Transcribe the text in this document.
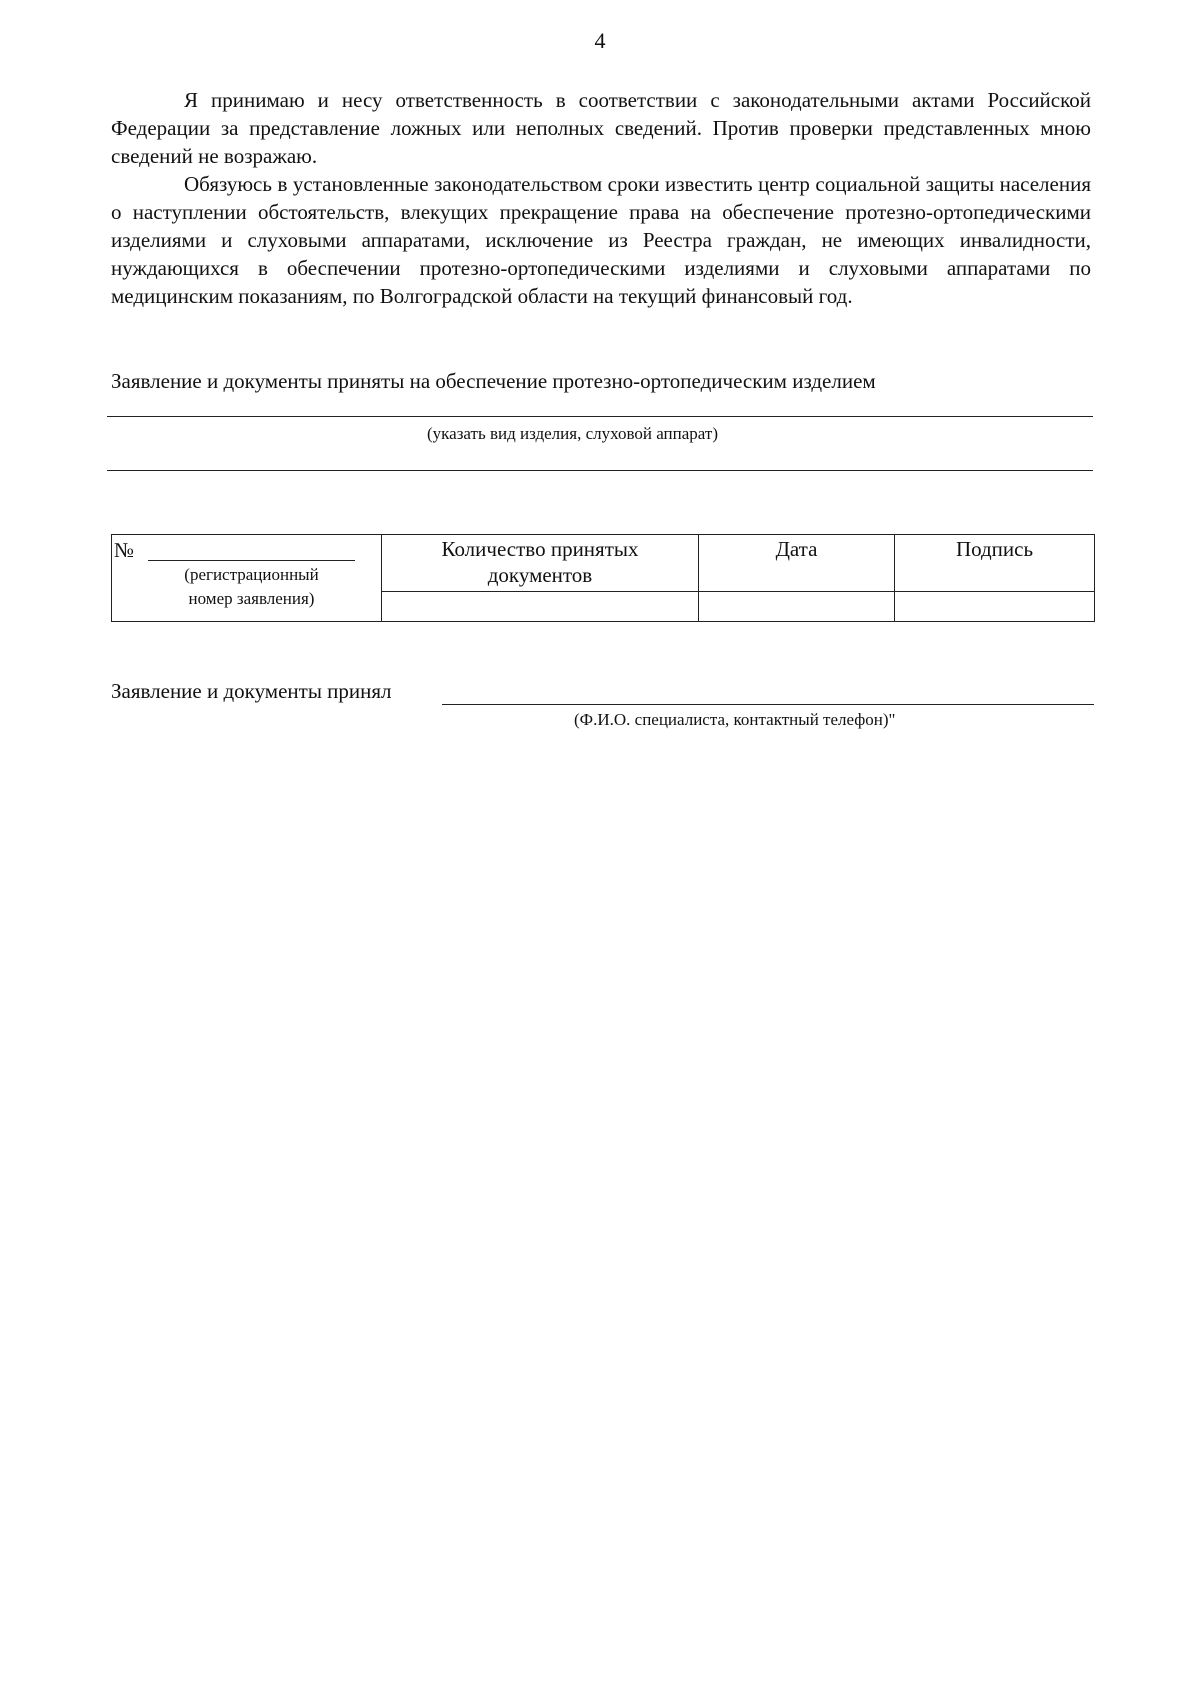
4

Я принимаю и несу ответственность в соответствии с законодательными актами Российской Федерации за представление ложных или неполных сведений. Против проверки представленных мною сведений не возражаю.

Обязуюсь в установленные законодательством сроки известить центр социальной защиты населения о наступлении обстоятельств, влекущих прекращение права на обеспечение протезно-ортопедическими изделиями и слуховыми аппаратами, исключение из Реестра граждан, не имеющих инвалидности, нуждающихся в обеспечении протезно-ортопедическими изделиями и слуховыми аппаратами по медицинским показаниям, по Волгоградской области на текущий финансовый год.

Заявление и документы приняты на обеспечение протезно-ортопедическим изделием
(указать вид изделия, слуховой аппарат)
№
(регистрационный
номер заявления)
Количество принятых документов
Дата	Подпись
Заявление и документы принял
(Ф.И.О. специалиста, контактный телефон)"
